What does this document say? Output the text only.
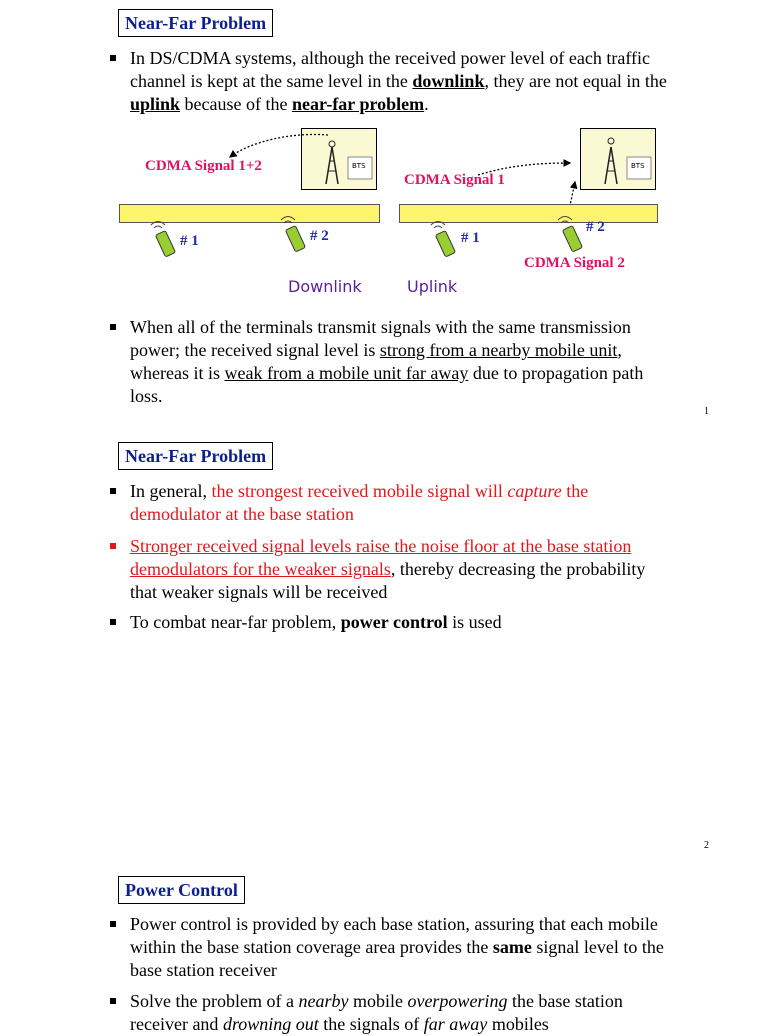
Near-Far Problem
In DS/CDMA systems, although the received power level of each traffic channel is kept at the same level in the downlink, they are not equal in the uplink because of the near-far problem.
BTS	BTS
CDMA Signal 1+2
CDMA Signal 1
CDMA Signal 2
# 1	# 2	# 1
# 2
Downlink	Uplink
When all of the terminals transmit signals with the same transmission power; the received signal level is strong from a nearby mobile unit, whereas it is weak from a mobile unit far away due to propagation path loss.
1
Near-Far Problem
In general, the strongest received mobile signal will capture the demodulator at the base station
Stronger received signal levels raise the noise floor at the base station demodulators for the weaker signals, thereby decreasing the probability that weaker signals will be received
To combat near-far problem, power control is used
2
Power Control
Power control is provided by each base station, assuring that each mobile within the base station coverage area provides the same signal level to the base station receiver
Solve the problem of a nearby mobile overpowering the base station receiver and drowning out the signals of far away mobiles
